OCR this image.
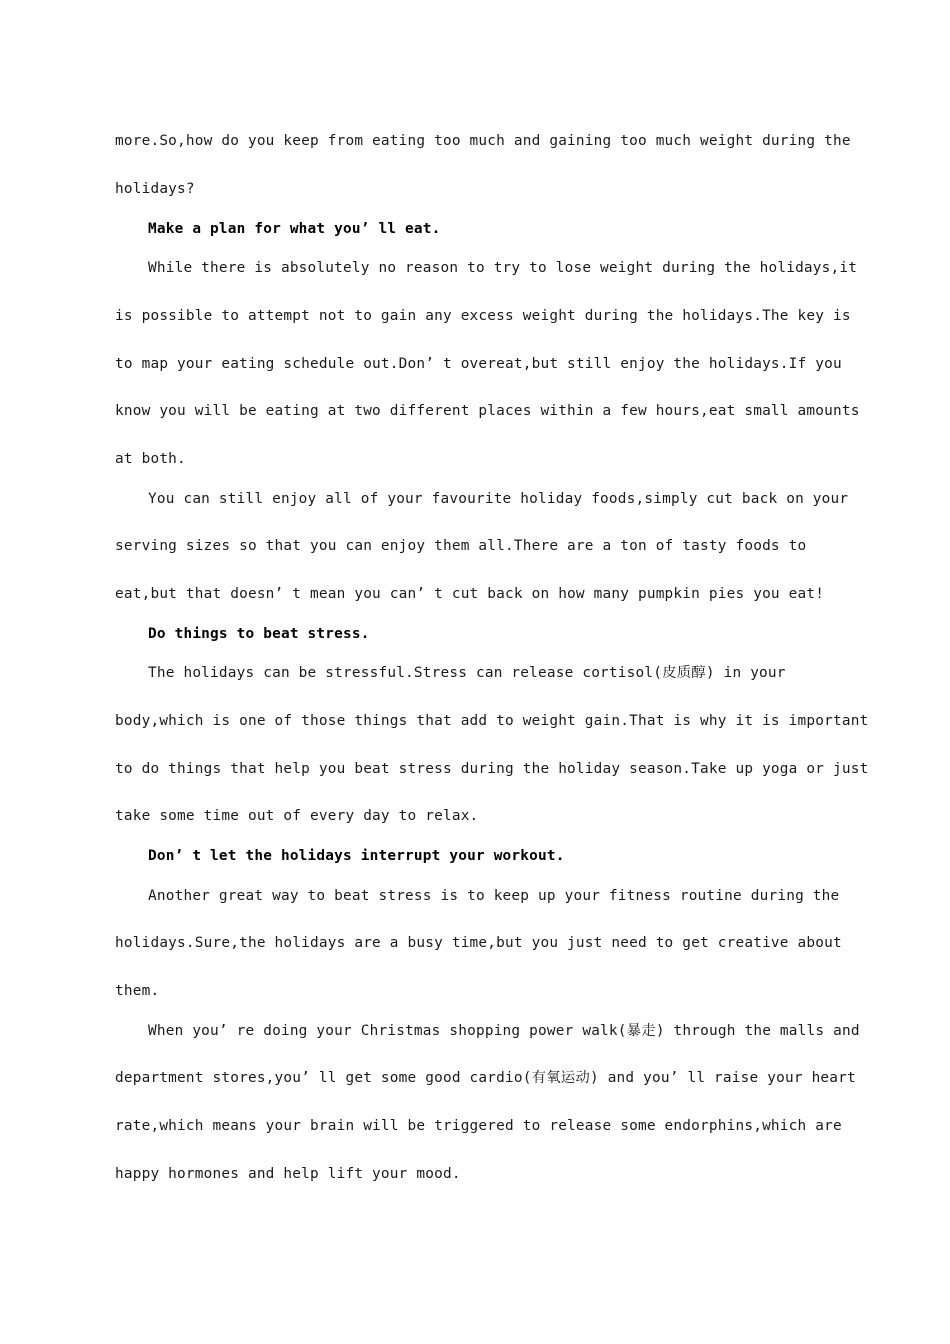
more.So,how do you keep from eating too much and gaining too much weight during the
holidays?
Make a plan for what you’ ll eat.
While there is absolutely no reason to try to lose weight during the holidays,it
is possible to attempt not to gain any excess weight during the holidays.The key is
to map your eating schedule out.Don’ t overeat,but still enjoy the holidays.If you
know you will be eating at two different places within a few hours,eat small amounts
at both.
You can still enjoy all of your favourite holiday foods,simply cut back on your
serving sizes so that you can enjoy them all.There are a ton of tasty foods to
eat,but that doesn’ t mean you can’ t cut back on how many pumpkin pies you eat!
Do things to beat stress.
The holidays can be stressful.Stress can release cortisol(皮质醇) in your
body,which is one of those things that add to weight gain.That is why it is important
to do things that help you beat stress during the holiday season.Take up yoga or just
take some time out of every day to relax.
Don’ t let the holidays interrupt your workout.
Another great way to beat stress is to keep up your fitness routine during the
holidays.Sure,the holidays are a busy time,but you just need to get creative about
them.
When you’ re doing your Christmas shopping power walk(暴走) through the malls and
department stores,you’ ll get some good cardio(有氧运动) and you’ ll raise your heart
rate,which means your brain will be triggered to release some endorphins,which are
happy hormones and help lift your mood.
